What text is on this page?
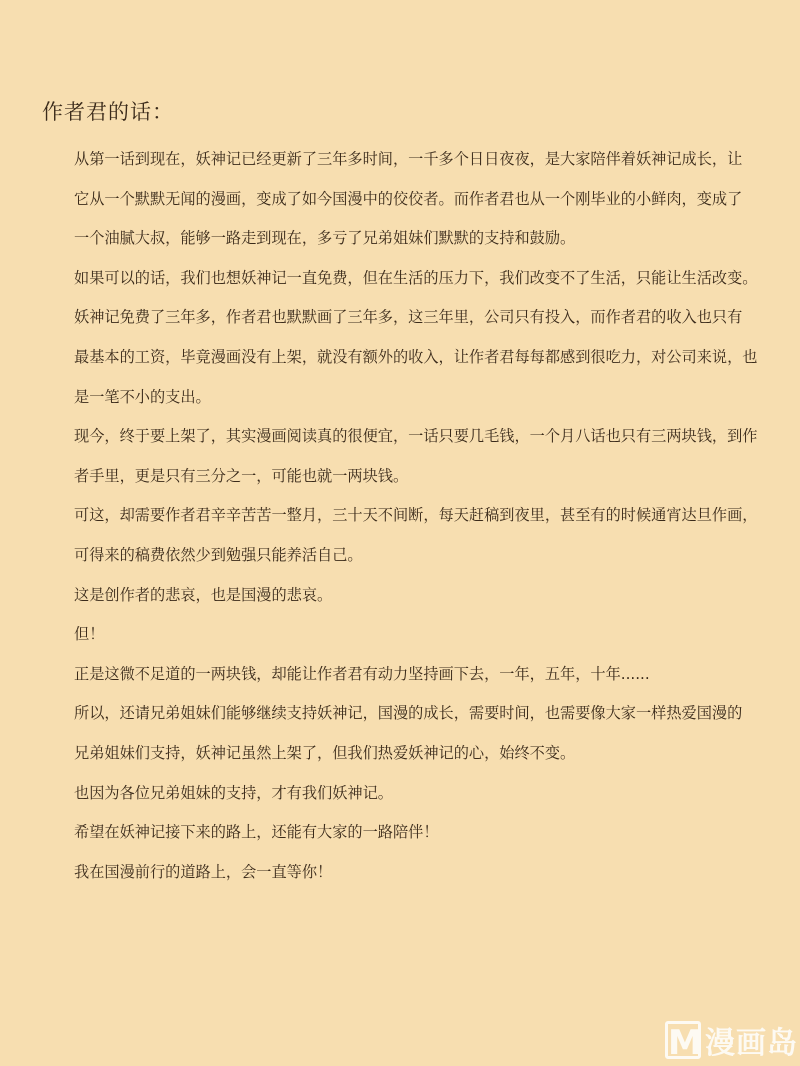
作者君的话：
从第一话到现在，妖神记已经更新了三年多时间，一千多个日日夜夜，是大家陪伴着妖神记成长，让
它从一个默默无闻的漫画，变成了如今国漫中的佼佼者。而作者君也从一个刚毕业的小鲜肉，变成了
一个油腻大叔，能够一路走到现在，多亏了兄弟姐妹们默默的支持和鼓励。
如果可以的话，我们也想妖神记一直免费，但在生活的压力下，我们改变不了生活，只能让生活改变。
妖神记免费了三年多，作者君也默默画了三年多，这三年里，公司只有投入，而作者君的收入也只有
最基本的工资，毕竟漫画没有上架，就没有额外的收入，让作者君每每都感到很吃力，对公司来说，也
是一笔不小的支出。
现今，终于要上架了，其实漫画阅读真的很便宜，一话只要几毛钱，一个月八话也只有三两块钱，到作
者手里，更是只有三分之一，可能也就一两块钱。
可这，却需要作者君辛辛苦苦一整月，三十天不间断，每天赶稿到夜里，甚至有的时候通宵达旦作画，
可得来的稿费依然少到勉强只能养活自己。
这是创作者的悲哀，也是国漫的悲哀。
但！
正是这微不足道的一两块钱，却能让作者君有动力坚持画下去，一年，五年，十年......
所以，还请兄弟姐妹们能够继续支持妖神记，国漫的成长，需要时间，也需要像大家一样热爱国漫的
兄弟姐妹们支持，妖神记虽然上架了，但我们热爱妖神记的心，始终不变。
也因为各位兄弟姐妹的支持，才有我们妖神记。
希望在妖神记接下来的路上，还能有大家的一路陪伴！
我在国漫前行的道路上，会一直等你！
M 漫画岛
